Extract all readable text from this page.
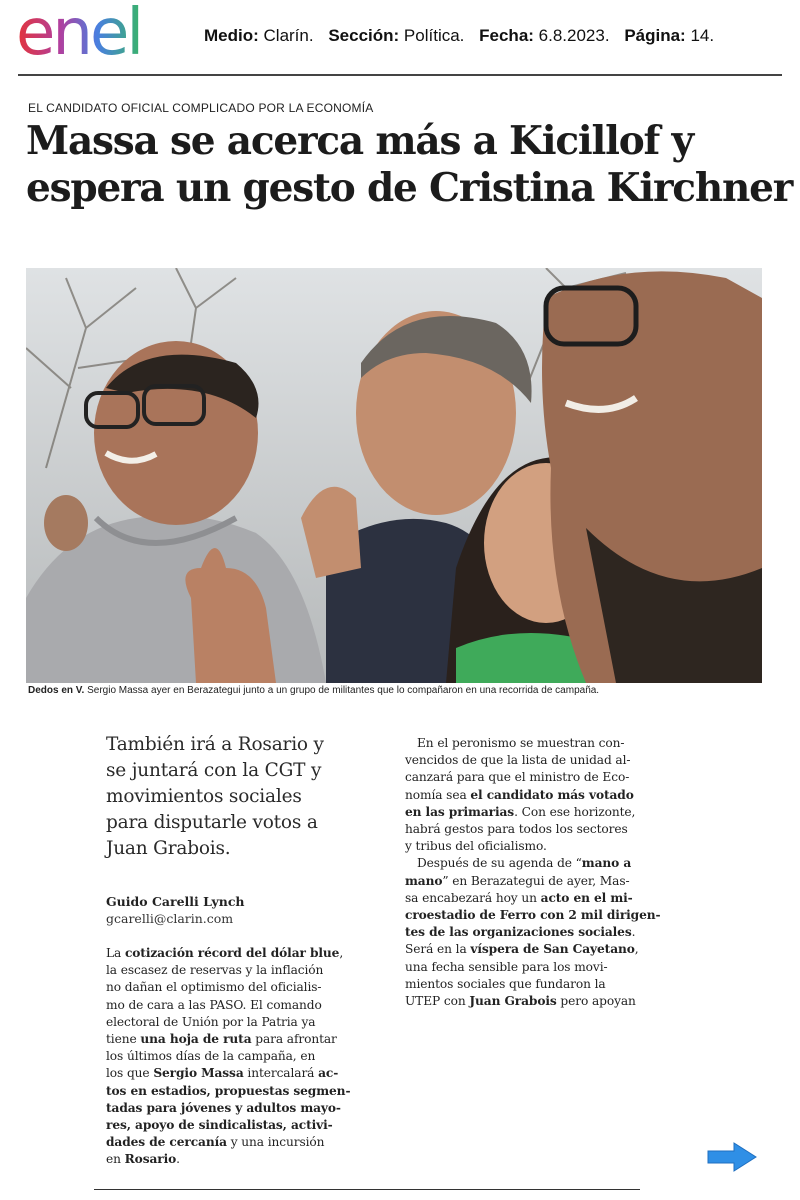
enel	Medio: Clarín. Sección: Política. Fecha: 6.8.2023. Página: 14.
EL CANDIDATO OFICIAL COMPLICADO POR LA ECONOMÍA
Massa se acerca más a Kicillof y
espera un gesto de Cristina Kirchner
Dedos en V. Sergio Massa ayer en Berazategui junto a un grupo de militantes que lo compañaron en una recorrida de campaña.
También irá a Rosario y
se juntará con la CGT y
movimientos sociales
para disputarle votos a
Juan Grabois.
Guido Carelli Lynch
gcarelli@clarin.com
La cotización récord del dólar blue,
la escasez de reservas y la inflación
no dañan el optimismo del oficialis-
mo de cara a las PASO. El comando
electoral de Unión por la Patria ya
tiene una hoja de ruta para afrontar
los últimos días de la campaña, en
los que Sergio Massa intercalará ac-
tos en estadios, propuestas segmen-
tadas para jóvenes y adultos mayo-
res, apoyo de sindicalistas, activi-
dades de cercanía y una incursión
en Rosario.
En el peronismo se muestran con-
vencidos de que la lista de unidad al-
canzará para que el ministro de Eco-
nomía sea el candidato más votado
en las primarias. Con ese horizonte,
habrá gestos para todos los sectores
y tribus del oficialismo.
Después de su agenda de “mano a
mano” en Berazategui de ayer, Mas-
sa encabezará hoy un acto en el mi-
croestadio de Ferro con 2 mil dirigen-
tes de las organizaciones sociales.
Será en la víspera de San Cayetano,
una fecha sensible para los movi-
mientos sociales que fundaron la
UTEP con Juan Grabois pero apoyan
